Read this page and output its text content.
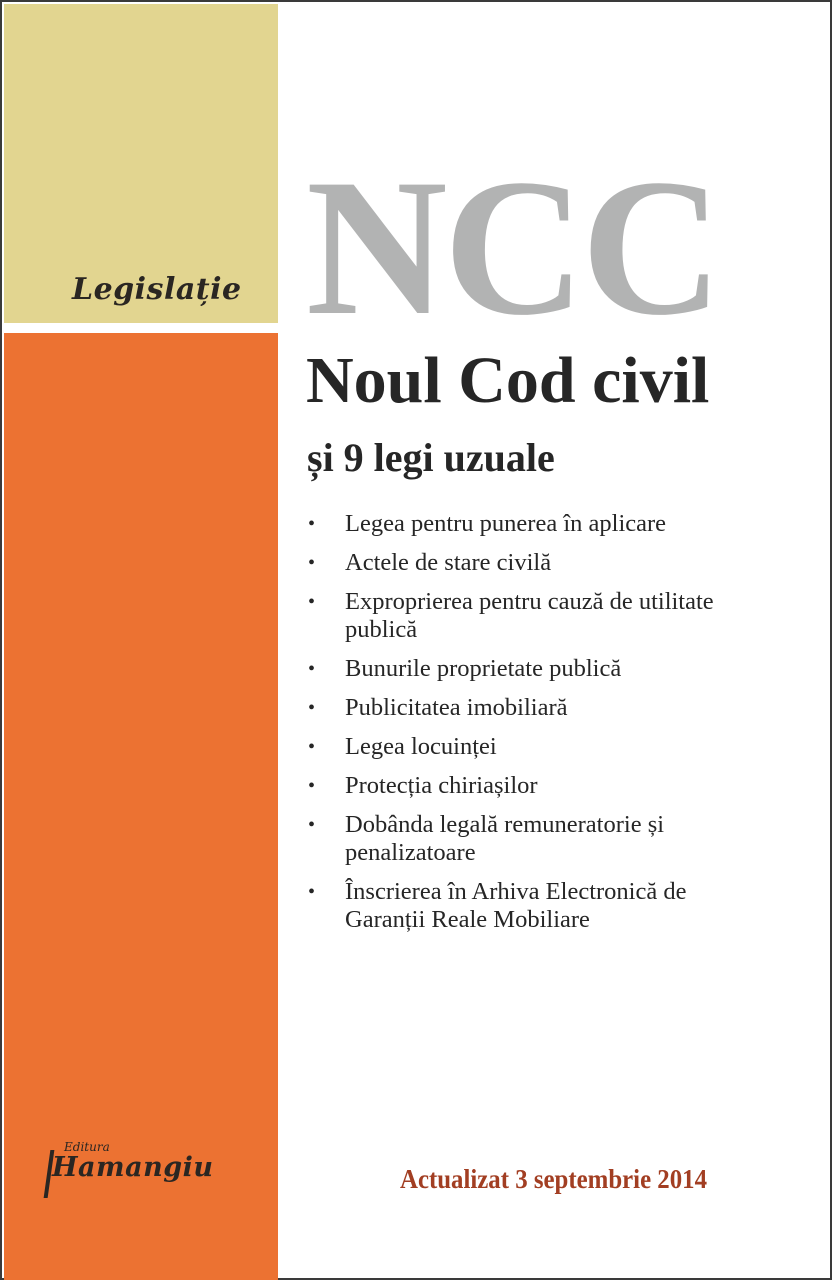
Legislație NCC
Noul Cod civil
și 9 legi uzuale
• Legea pentru punerea în aplicare
• Actele de stare civilă
• Exproprierea pentru cauză de utilitate publică
• Bunurile proprietate publică
• Publicitatea imobiliară
• Legea locuinței
• Protecția chiriașilor
• Dobânda legală remuneratorie și penalizatoare
• Înscrierea în Arhiva Electronică de Garanții Reale Mobiliare
Editura
Hamangiu	Actualizat 3 septembrie 2014
